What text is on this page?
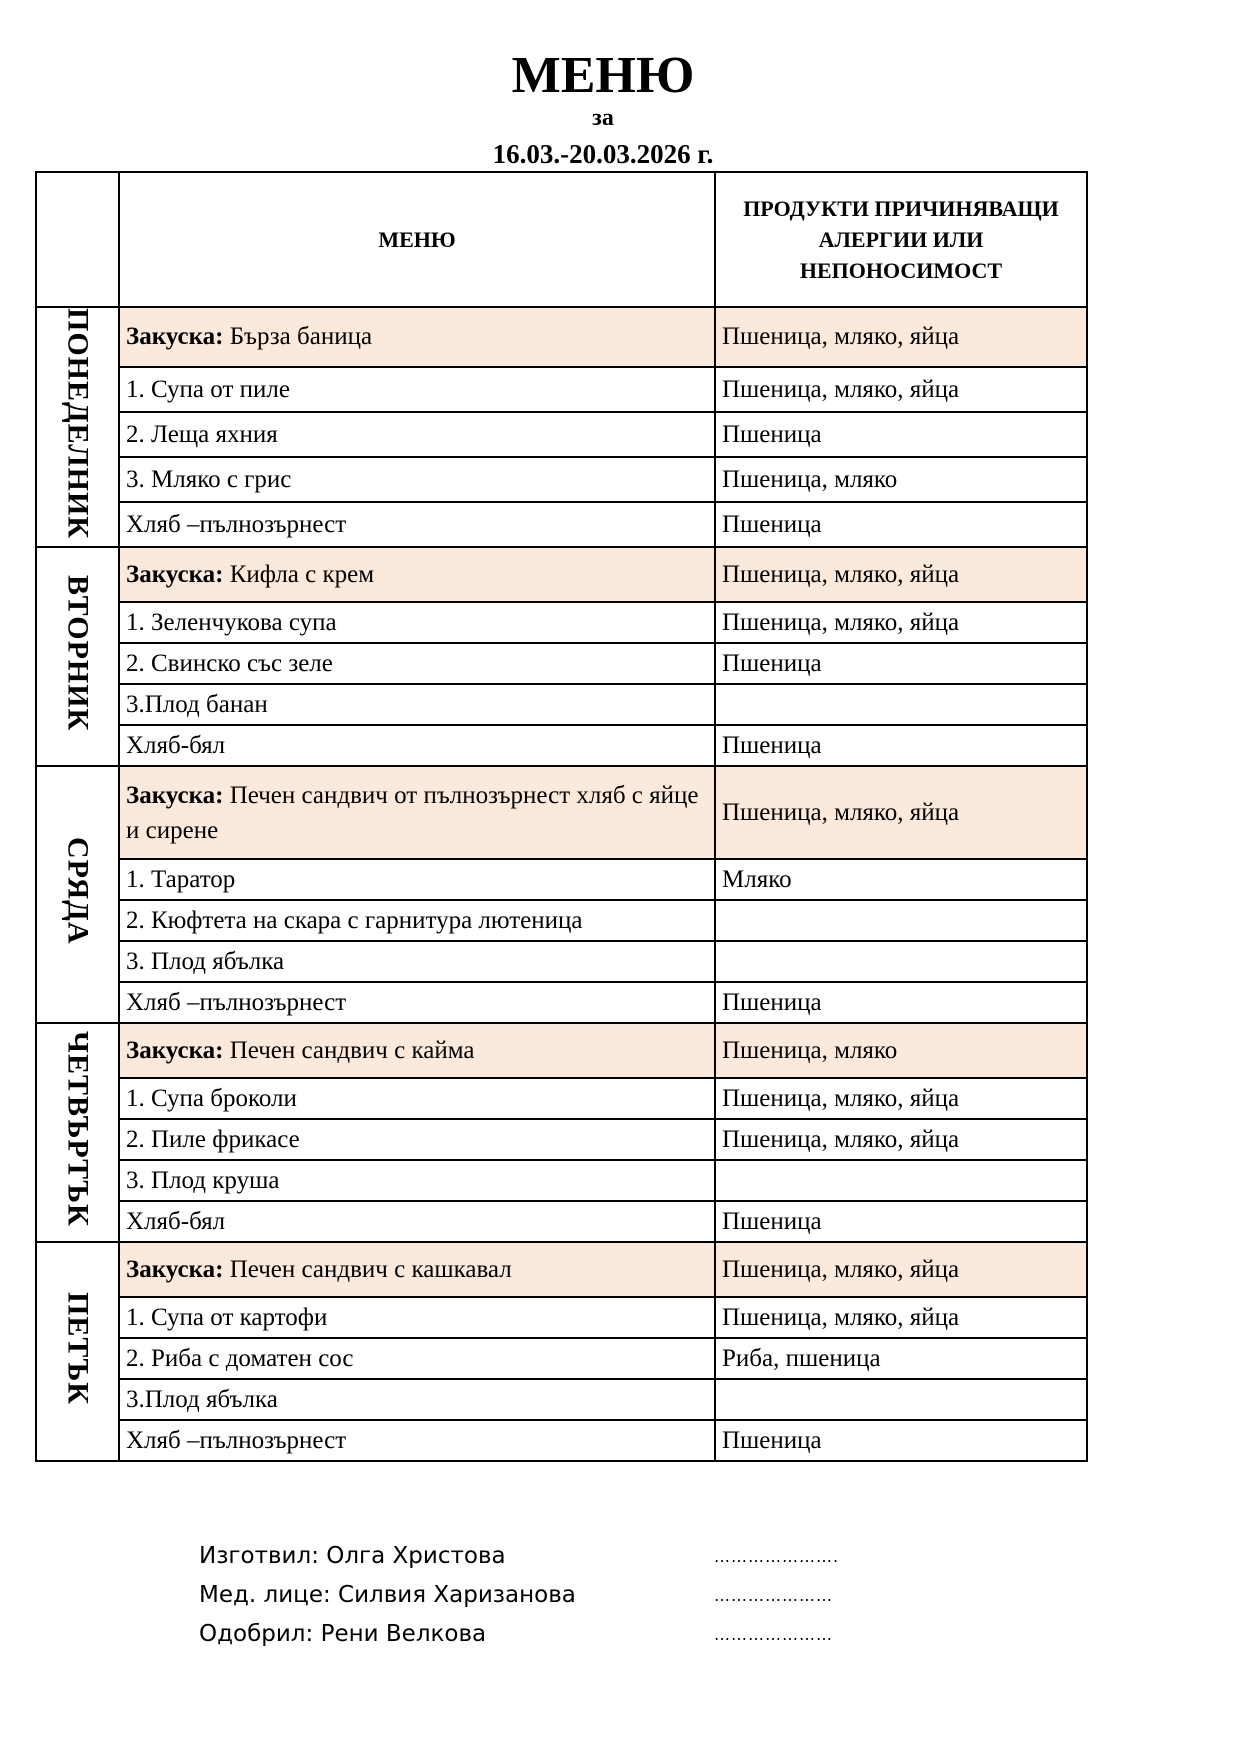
МЕНЮ
за
16.03.-20.03.2026 г.
	МЕНЮ	ПРОДУКТИ ПРИЧИНЯВАЩИ АЛЕРГИИ ИЛИ НЕПОНОСИМОСТ
ПОНЕДЕЛНИК	Закуска: Бърза баница	Пшеница, мляко, яйца
	1. Супа от пиле	Пшеница, мляко, яйца
	2. Леща яхния	Пшеница
	3. Мляко с грис	Пшеница, мляко
	Хляб –пълнозърнест	Пшеница
ВТОРНИК	Закуска: Кифла с крем	Пшеница, мляко, яйца
	1. Зеленчукова супа	Пшеница, мляко, яйца
	2. Свинско със зеле	Пшеница
	3.Плод банан	
	Хляб-бял	Пшеница
СРЯДА	Закуска: Печен сандвич от пълнозърнест хляб с яйце и сирене	Пшеница, мляко, яйца
	1. Таратор	Мляко
	2. Кюфтета на скара с гарнитура лютеница	
	3. Плод ябълка	
	Хляб –пълнозърнест	Пшеница
ЧЕТВЪРТЪК	Закуска: Печен сандвич с кайма	Пшеница, мляко
	1. Супа броколи	Пшеница, мляко, яйца
	2. Пиле фрикасе	Пшеница, мляко, яйца
	3. Плод круша	
	Хляб-бял	Пшеница
ПЕТЪК	Закуска: Печен сандвич с кашкавал	Пшеница, мляко, яйца
	1. Супа от картофи	Пшеница, мляко, яйца
	2. Риба с доматен сос	Риба, пшеница
	3.Плод ябълка	
	Хляб –пълнозърнест	Пшеница
Изготвил: Олга Христова	………………….
Мед. лице: Силвия Харизанова	…………………
Одобрил: Рени Велкова	…………………
